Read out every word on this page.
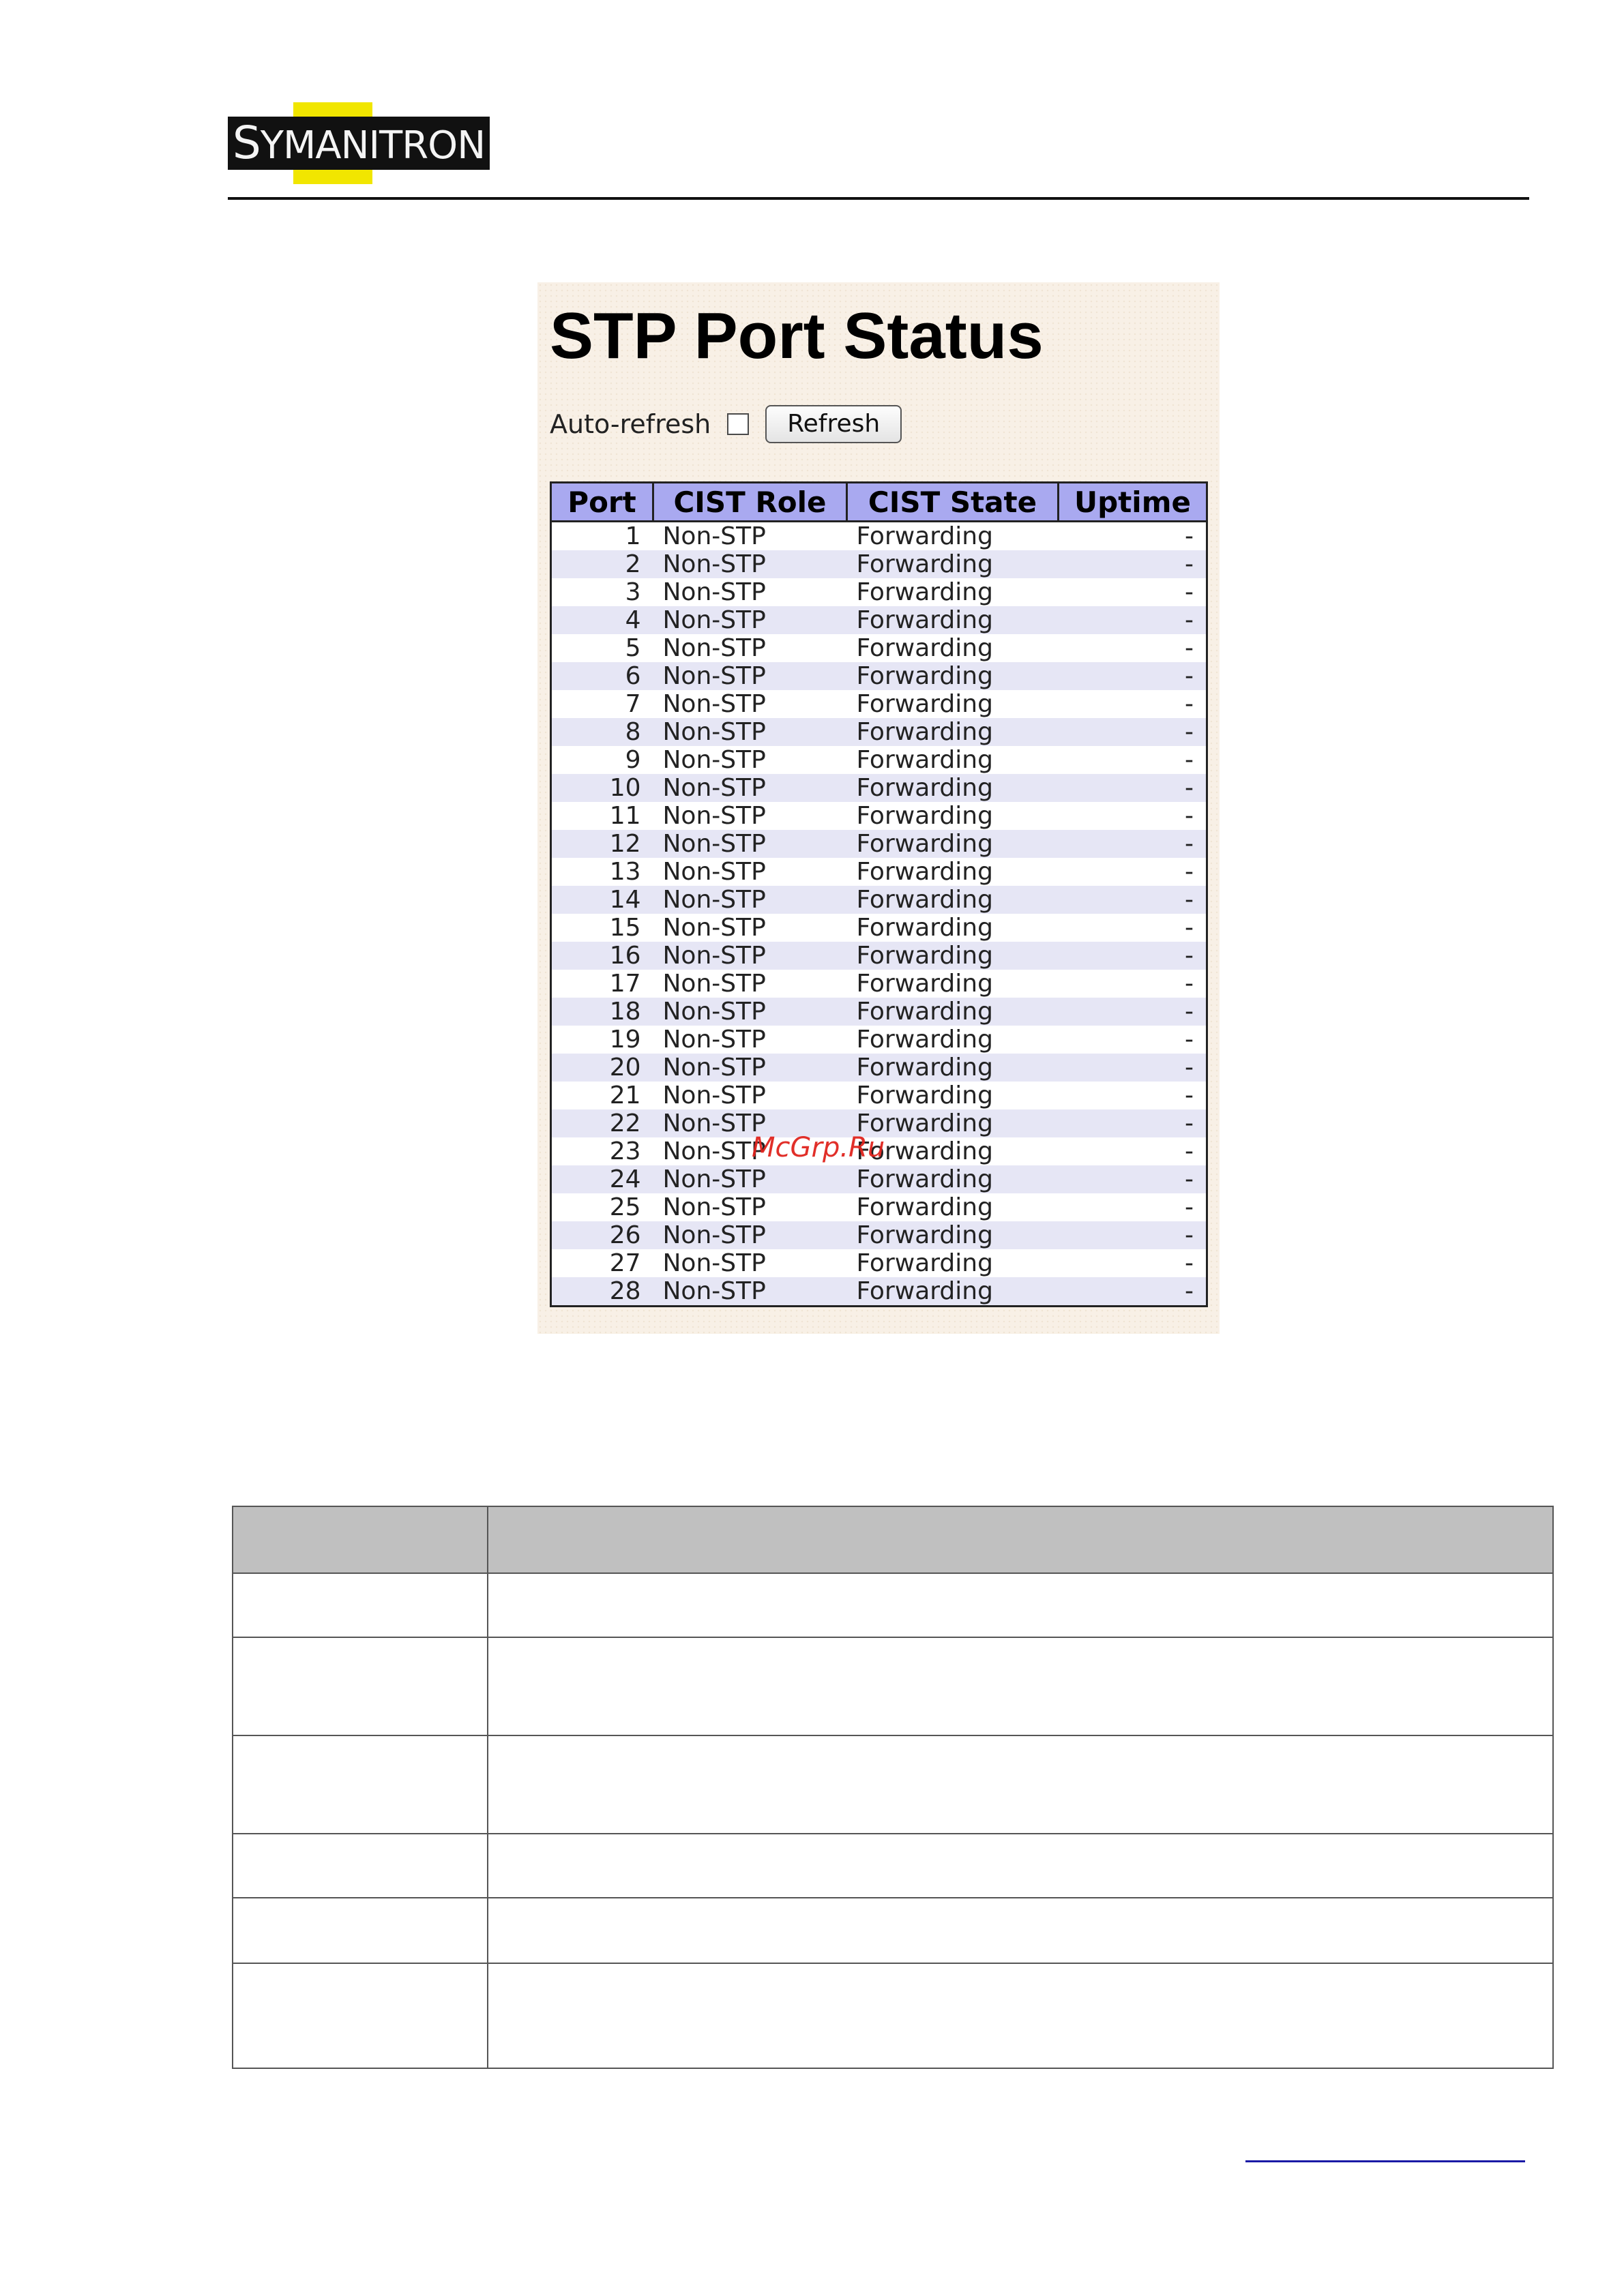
SYMANITRON
STP Port Status
Auto-refresh	Refresh
Port	CIST Role	CIST State	Uptime
1	Non-STP	Forwarding	-
2	Non-STP	Forwarding	-
3	Non-STP	Forwarding	-
4	Non-STP	Forwarding	-
5	Non-STP	Forwarding	-
6	Non-STP	Forwarding	-
7	Non-STP	Forwarding	-
8	Non-STP	Forwarding	-
9	Non-STP	Forwarding	-
10	Non-STP	Forwarding	-
11	Non-STP	Forwarding	-
12	Non-STP	Forwarding	-
13	Non-STP	Forwarding	-
14	Non-STP	Forwarding	-
15	Non-STP	Forwarding	-
16	Non-STP	Forwarding	-
17	Non-STP	Forwarding	-
18	Non-STP	Forwarding	-
19	Non-STP	Forwarding	-
20	Non-STP	Forwarding	-
21	Non-STP	Forwarding	-
22	Non-STP	Forwarding	-
23	Non-STP	Forwarding	-
24	Non-STP	Forwarding	-
25	Non-STP	Forwarding	-
26	Non-STP	Forwarding	-
27	Non-STP	Forwarding	-
28	Non-STP	Forwarding	-
McGrp.Ru
